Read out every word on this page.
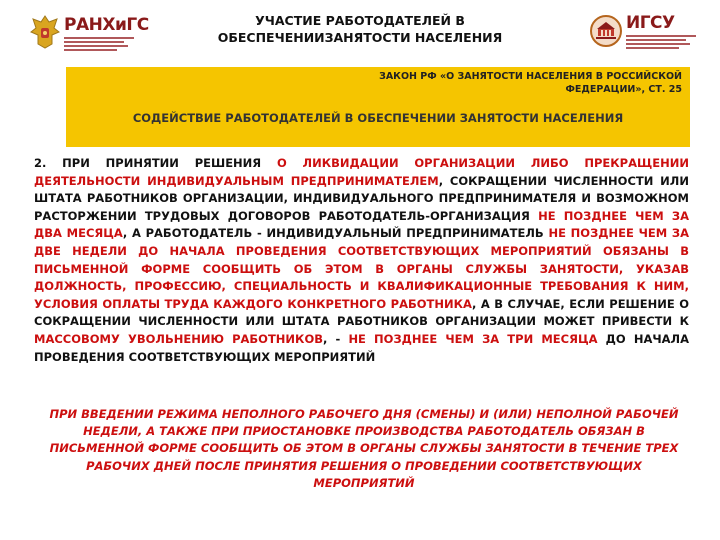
РАНХиГС	УЧАСТИЕ РАБОТОДАТЕЛЕЙ В ОБЕСПЕЧЕНИИЗАНЯТОСТИ НАСЕЛЕНИЯ
ИГСУ
ЗАКОН РФ «О ЗАНЯТОСТИ НАСЕЛЕНИЯ В РОССИЙСКОЙ ФЕДЕРАЦИИ», СТ. 25
СОДЕЙСТВИЕ РАБОТОДАТЕЛЕЙ В ОБЕСПЕЧЕНИИ ЗАНЯТОСТИ НАСЕЛЕНИЯ
2. ПРИ ПРИНЯТИИ РЕШЕНИЯ О ЛИКВИДАЦИИ ОРГАНИЗАЦИИ ЛИБО ПРЕКРАЩЕНИИ ДЕЯТЕЛЬНОСТИ ИНДИВИДУАЛЬНЫМ ПРЕДПРИНИМАТЕЛЕМ, СОКРАЩЕНИИ ЧИСЛЕННОСТИ ИЛИ ШТАТА РАБОТНИКОВ ОРГАНИЗАЦИИ, ИНДИВИДУАЛЬНОГО ПРЕДПРИНИМАТЕЛЯ И ВОЗМОЖНОМ РАСТОРЖЕНИИ ТРУДОВЫХ ДОГОВОРОВ РАБОТОДАТЕЛЬ-ОРГАНИЗАЦИЯ НЕ ПОЗДНЕЕ ЧЕМ ЗА ДВА МЕСЯЦА, А РАБОТОДАТЕЛЬ - ИНДИВИДУАЛЬНЫЙ ПРЕДПРИНИМАТЕЛЬ НЕ ПОЗДНЕЕ ЧЕМ ЗА ДВЕ НЕДЕЛИ ДО НАЧАЛА ПРОВЕДЕНИЯ СООТВЕТСТВУЮЩИХ МЕРОПРИЯТИЙ ОБЯЗАНЫ В ПИСЬМЕННОЙ ФОРМЕ СООБЩИТЬ ОБ ЭТОМ В ОРГАНЫ СЛУЖБЫ ЗАНЯТОСТИ, УКАЗАВ ДОЛЖНОСТЬ, ПРОФЕССИЮ, СПЕЦИАЛЬНОСТЬ И КВАЛИФИКАЦИОННЫЕ ТРЕБОВАНИЯ К НИМ, УСЛОВИЯ ОПЛАТЫ ТРУДА КАЖДОГО КОНКРЕТНОГО РАБОТНИКА, А В СЛУЧАЕ, ЕСЛИ РЕШЕНИЕ О СОКРАЩЕНИИ ЧИСЛЕННОСТИ ИЛИ ШТАТА РАБОТНИКОВ ОРГАНИЗАЦИИ МОЖЕТ ПРИВЕСТИ К МАССОВОМУ УВОЛЬНЕНИЮ РАБОТНИКОВ, - НЕ ПОЗДНЕЕ ЧЕМ ЗА ТРИ МЕСЯЦА ДО НАЧАЛА ПРОВЕДЕНИЯ СООТВЕТСТВУЮЩИХ МЕРОПРИЯТИЙ
ПРИ ВВЕДЕНИИ РЕЖИМА НЕПОЛНОГО РАБОЧЕГО ДНЯ (СМЕНЫ) И (ИЛИ) НЕПОЛНОЙ РАБОЧЕЙ НЕДЕЛИ, А ТАКЖЕ ПРИ ПРИОСТАНОВКЕ ПРОИЗВОДСТВА РАБОТОДАТЕЛЬ ОБЯЗАН В ПИСЬМЕННОЙ ФОРМЕ СООБЩИТЬ ОБ ЭТОМ В ОРГАНЫ СЛУЖБЫ ЗАНЯТОСТИ В ТЕЧЕНИЕ ТРЕХ РАБОЧИХ ДНЕЙ ПОСЛЕ ПРИНЯТИЯ РЕШЕНИЯ О ПРОВЕДЕНИИ СООТВЕТСТВУЮЩИХ МЕРОПРИЯТИЙ
